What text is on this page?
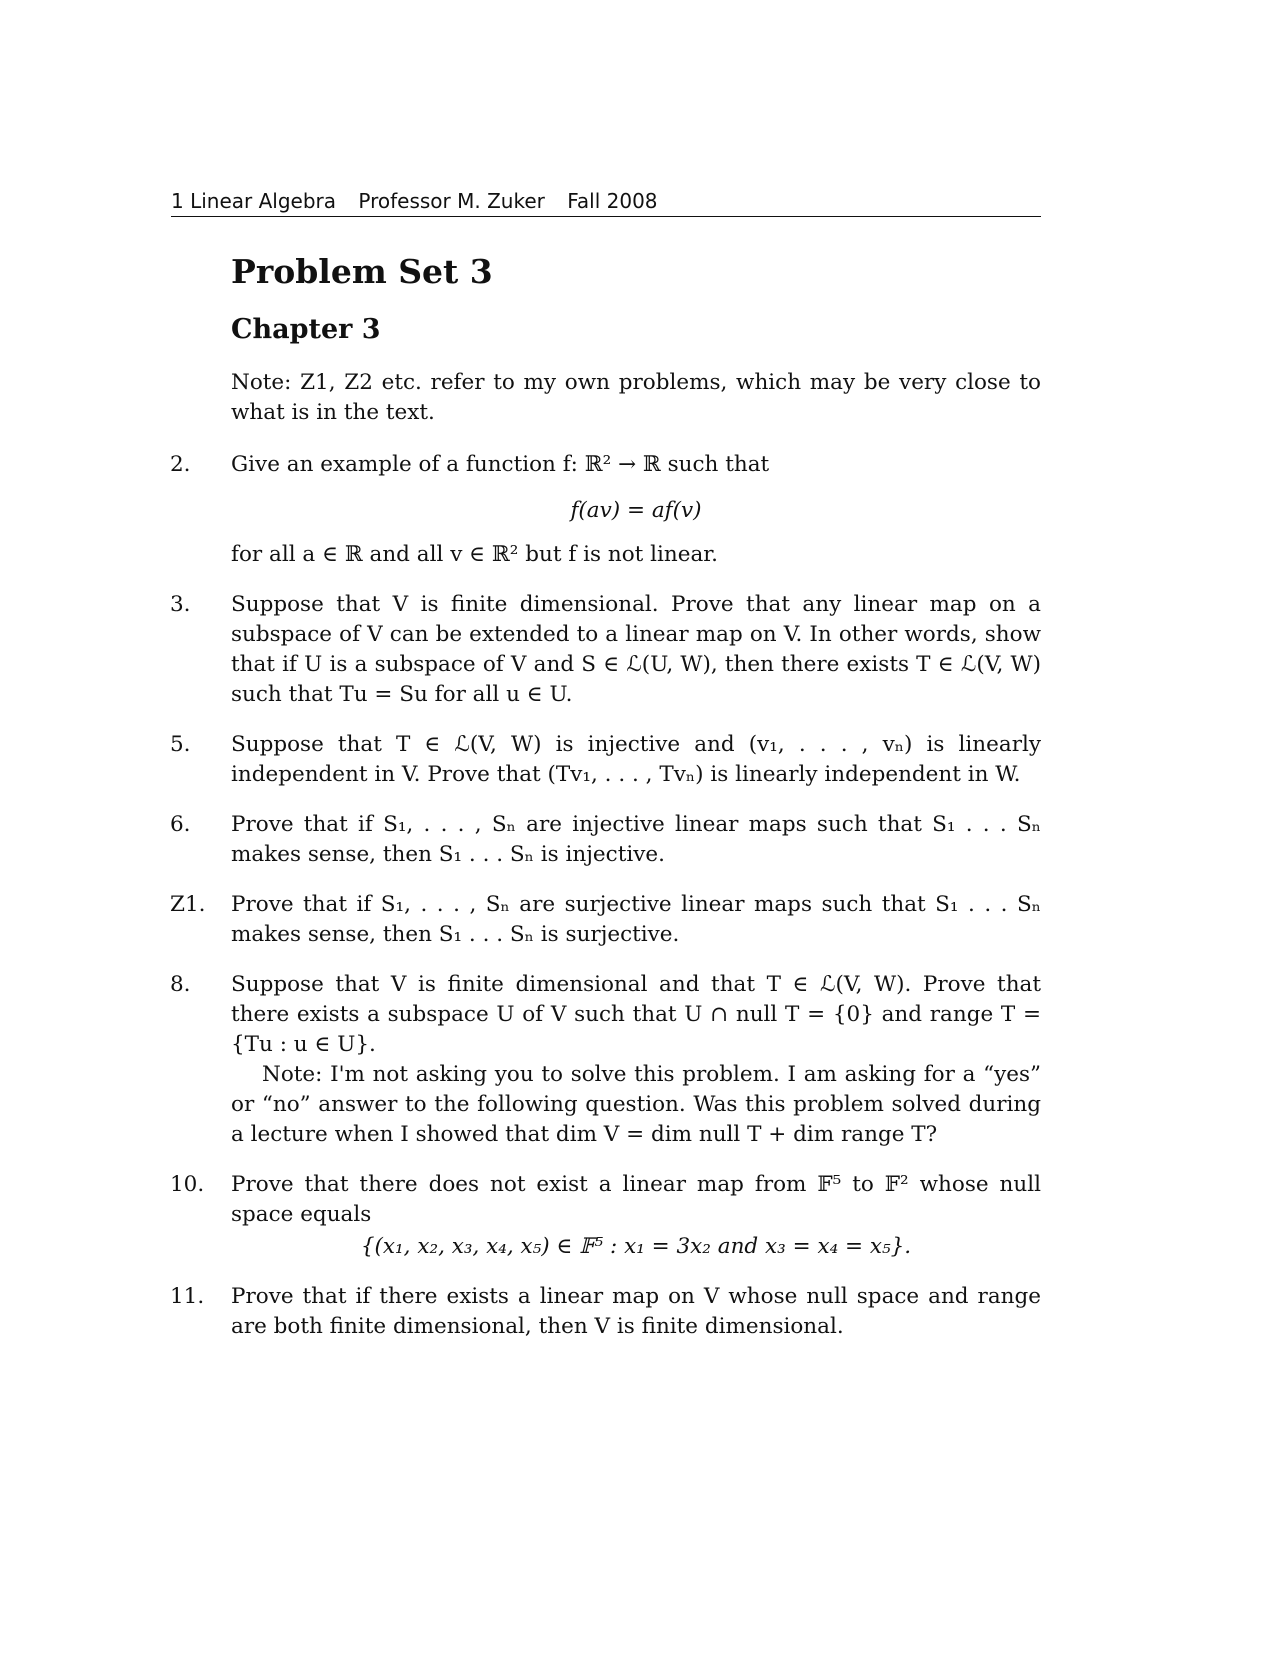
1 Linear Algebra Professor M. Zuker Fall 2008
Problem Set 3
Chapter 3

Note: Z1, Z2 etc. refer to my own problems, which may be very close to what is in the text.

2.	Give an example of a function f: ℝ² → ℝ such that

f(av) = af(v)

for all a ∈ ℝ and all v ∈ ℝ² but f is not linear.

3.	Suppose that V is finite dimensional. Prove that any linear map on a subspace of V can be extended to a linear map on V. In other words, show that if U is a subspace of V and S ∈ ℒ(U, W), then there exists T ∈ ℒ(V, W) such that Tu = Su for all u ∈ U.

5.	Suppose that T ∈ ℒ(V, W) is injective and (v₁, . . . , vₙ) is linearly independent in V. Prove that (Tv₁, . . . , Tvₙ) is linearly independent in W.

6.	Prove that if S₁, . . . , Sₙ are injective linear maps such that S₁ . . . Sₙ makes sense, then S₁ . . . Sₙ is injective.

Z1.	Prove that if S₁, . . . , Sₙ are surjective linear maps such that S₁ . . . Sₙ makes sense, then S₁ . . . Sₙ is surjective.

8.	Suppose that V is finite dimensional and that T ∈ ℒ(V, W). Prove that there exists a subspace U of V such that U ∩ null T = {0} and range T = {Tu : u ∈ U}.

Note: I'm not asking you to solve this problem. I am asking for a “yes” or “no” answer to the following question. Was this problem solved during a lecture when I showed that dim V = dim null T + dim range T?

10.	Prove that there does not exist a linear map from 𝔽⁵ to 𝔽² whose null space equals

{(x₁, x₂, x₃, x₄, x₅) ∈ 𝔽⁵ : x₁ = 3x₂ and x₃ = x₄ = x₅}.
11.	Prove that if there exists a linear map on V whose null space and range are both finite dimensional, then V is finite dimensional.
